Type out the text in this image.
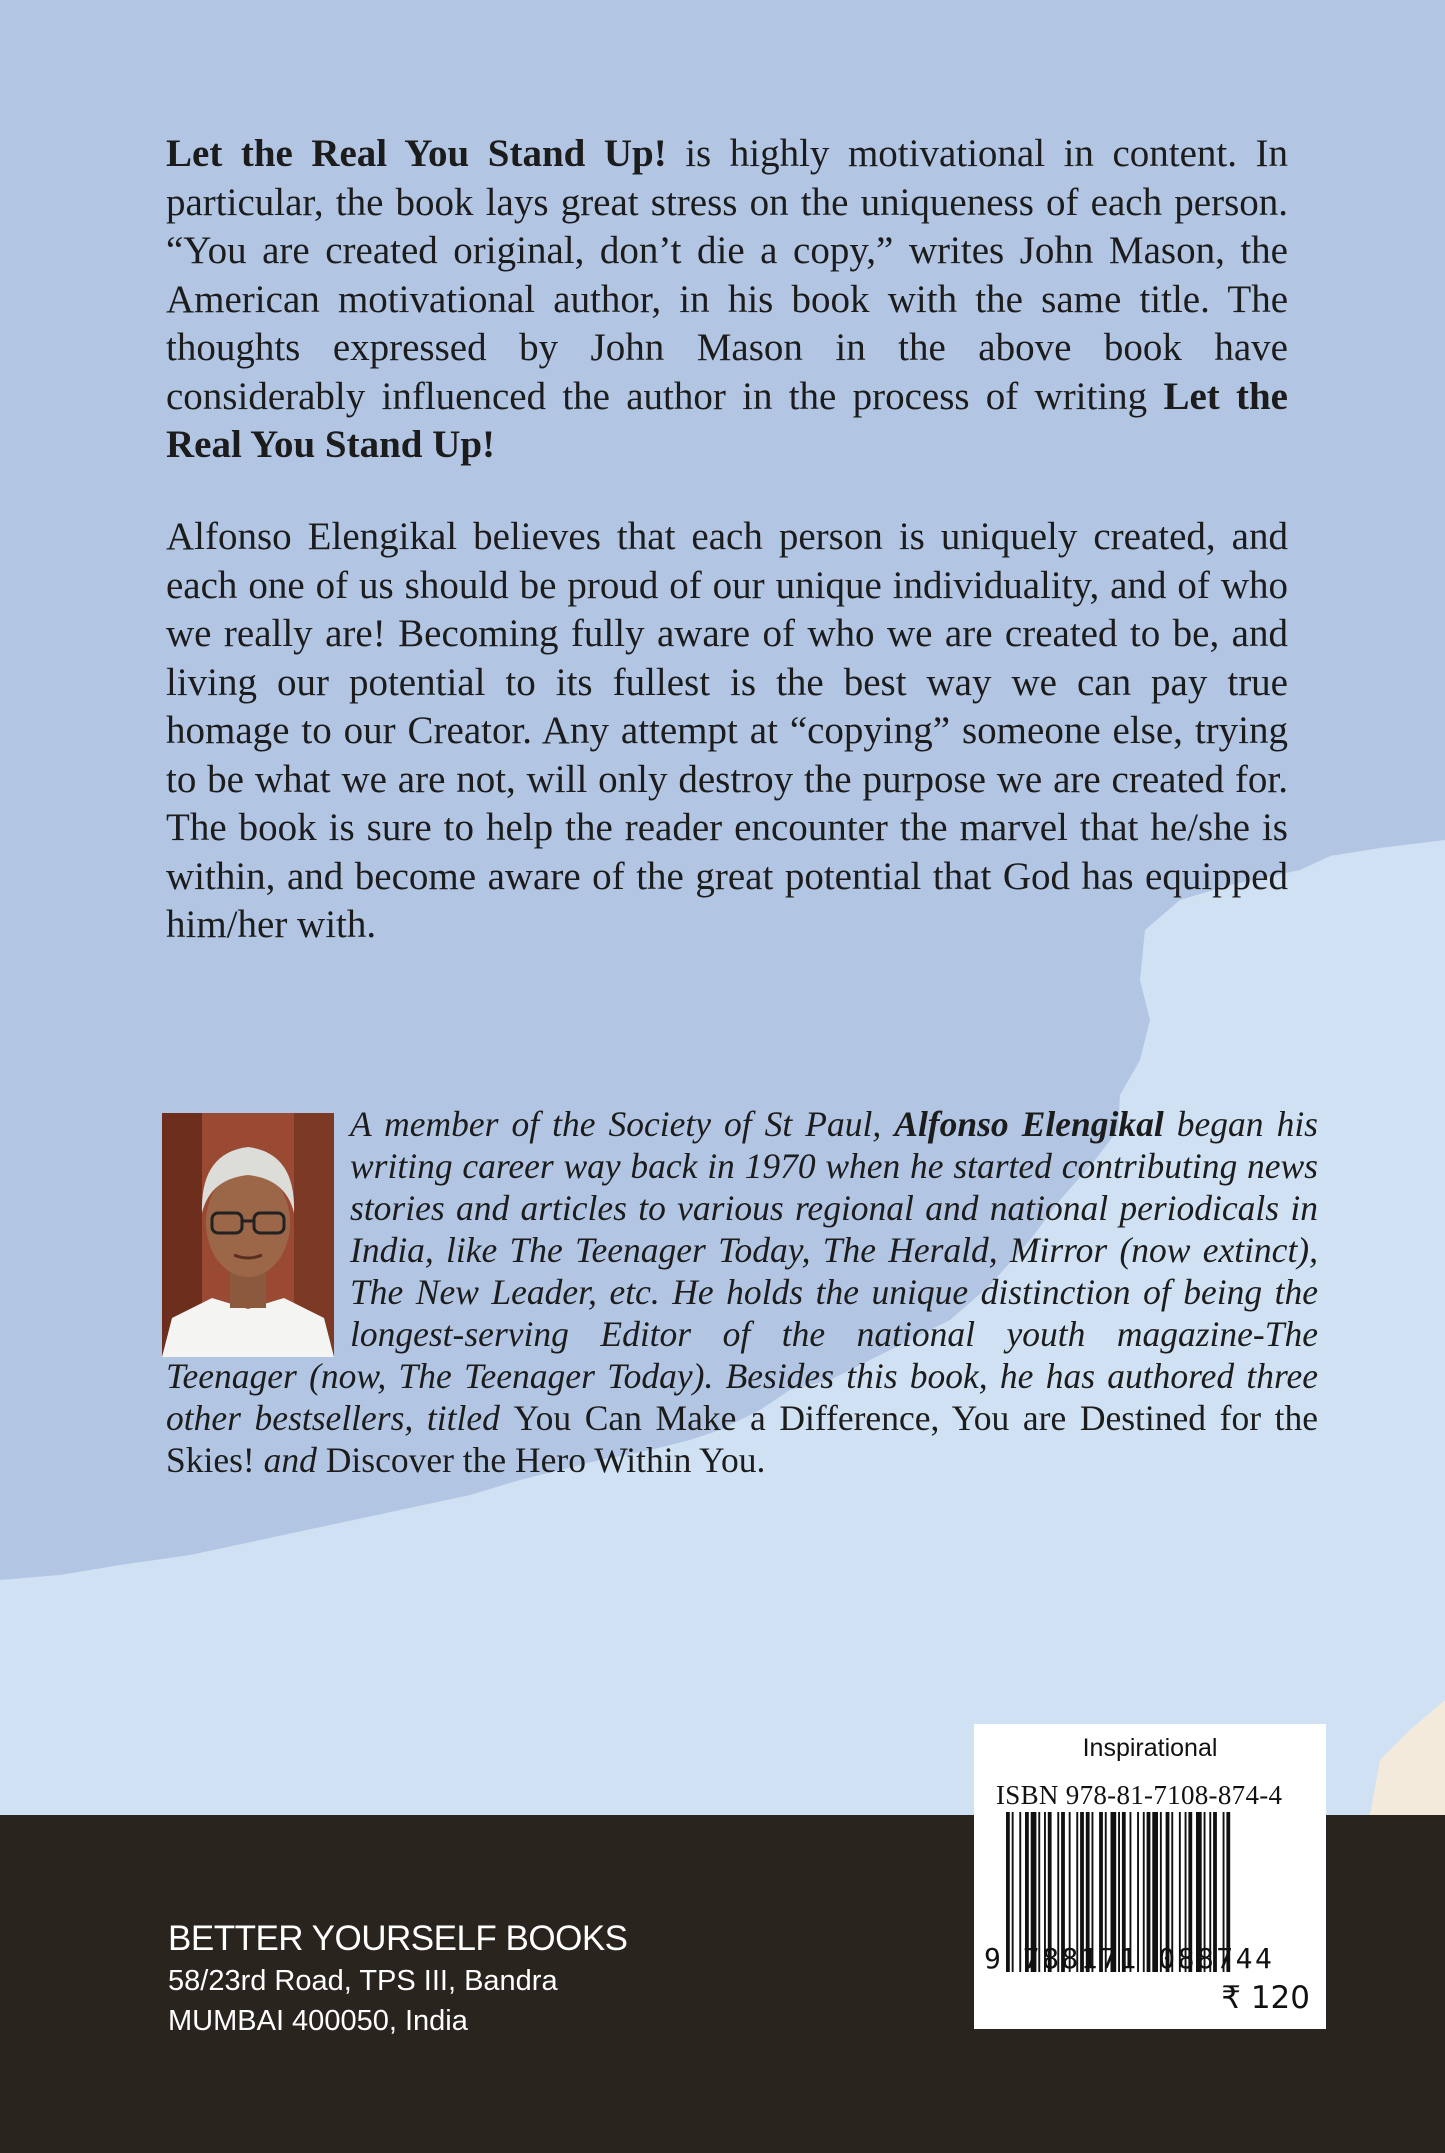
Let the Real You Stand Up! is highly motivational in content. In particular, the book lays great stress on the uniqueness of each person. “You are created original, don’t die a copy,” writes John Mason, the American motivational author, in his book with the same title. The thoughts expressed by John Mason in the above book have considerably influenced the author in the process of writing Let the Real You Stand Up!
Alfonso Elengikal believes that each person is uniquely created, and each one of us should be proud of our unique individuality, and of who we really are! Becoming fully aware of who we are created to be, and living our potential to its fullest is the best way we can pay true homage to our Creator. Any attempt at “copying” someone else, trying to be what we are not, will only destroy the purpose we are created for. The book is sure to help the reader encounter the marvel that he/she is within, and become aware of the great potential that God has equipped him/her with.
A member of the Society of St Paul, Alfonso Elengikal began his writing career way back in 1970 when he started contributing news stories and articles to various regional and national periodicals in India, like The Teenager Today, The Herald, Mirror (now extinct), The New Leader, etc. He holds the unique distinction of being the longest-serving Editor of the national youth magazine-The Teenager (now, The Teenager Today). Besides this book, he has authored three other bestsellers, titled You Can Make a Difference, You are Destined for the Skies! and Discover the Hero Within You.
BETTER YOURSELF BOOKS
58/23rd Road, TPS III, Bandra
MUMBAI 400050, India
Inspirational
ISBN 978-81-7108-874-4
9 788171 088744
₹ 120
